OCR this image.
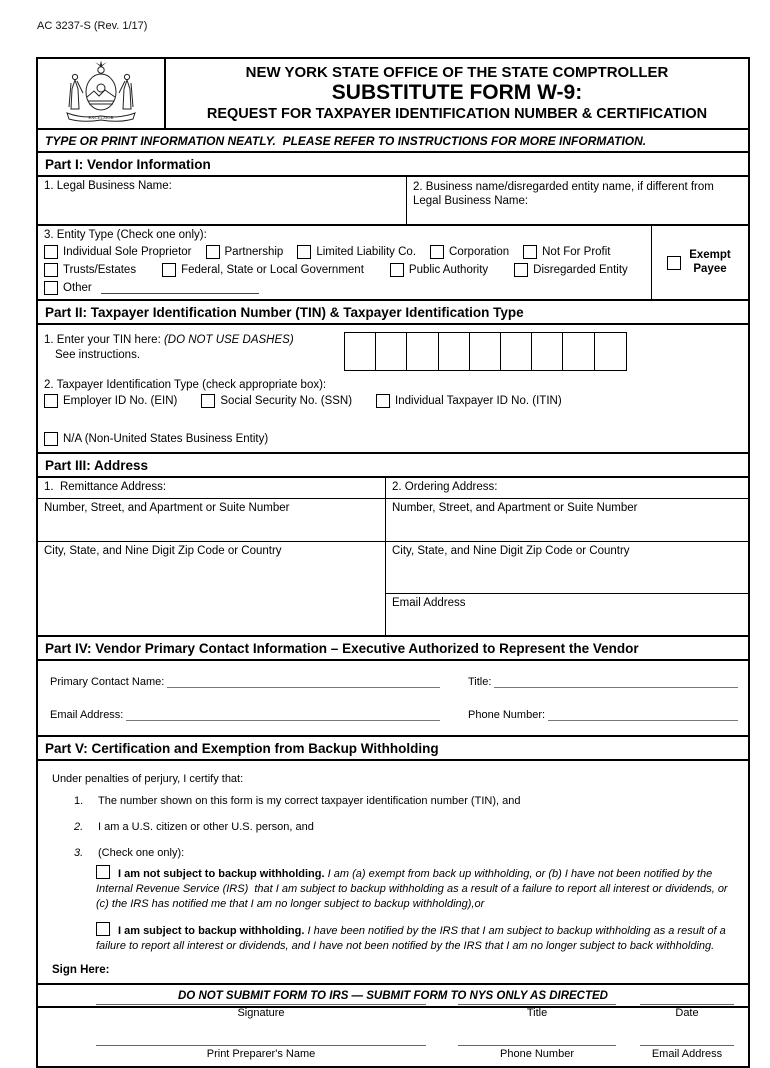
AC 3237-S (Rev. 1/17)
EXCELSIOR
NEW YORK STATE OFFICE OF THE STATE COMPTROLLER
SUBSTITUTE FORM W-9:
REQUEST FOR TAXPAYER IDENTIFICATION NUMBER & CERTIFICATION
TYPE OR PRINT INFORMATION NEATLY.  PLEASE REFER TO INSTRUCTIONS FOR MORE INFORMATION.
Part I: Vendor Information
1. Legal Business Name:	2. Business name/disregarded entity name, if different from Legal Business Name:
3. Entity Type (Check one only):
Individual Sole Proprietor	Partnership	Limited Liability Co.	Corporation	Not For Profit
Trusts/Estates	Federal, State or Local Government	Public Authority	Disregarded Entity
Other
Exempt Payee
Part II: Taxpayer Identification Number (TIN) & Taxpayer Identification Type
1. Enter your TIN here: (DO NOT USE DASHES)
See instructions.
2. Taxpayer Identification Type (check appropriate box):
Employer ID No. (EIN)	Social Security No. (SSN)	Individual Taxpayer ID No. (ITIN)
N/A (Non-United States Business Entity)
Part III: Address
1.  Remittance Address:
Number, Street, and Apartment or Suite Number
City, State, and Nine Digit Zip Code or Country
2. Ordering Address:
Number, Street, and Apartment or Suite Number
City, State, and Nine Digit Zip Code or Country
Email Address
Part IV: Vendor Primary Contact Information – Executive Authorized to Represent the Vendor
Primary Contact Name:	Title:
Email Address:	Phone Number:
Part V: Certification and Exemption from Backup Withholding
Under penalties of perjury, I certify that:
1.	The number shown on this form is my correct taxpayer identification number (TIN), and
2.	I am a U.S. citizen or other U.S. person, and
3.	(Check one only):
I am not subject to backup withholding. I am (a) exempt from back up withholding, or (b) I have not been notified by the Internal Revenue Service (IRS)  that I am subject to backup withholding as a result of a failure to report all interest or dividends, or (c) the IRS has notified me that I am no longer subject to backup withholding),or
I am subject to backup withholding. I have been notified by the IRS that I am subject to backup withholding as a result of a failure to report all interest or dividends, and I have not been notified by the IRS that I am no longer subject to back withholding.
Sign Here:
Signature	Title	Date
Print Preparer's Name	Phone Number	Email Address
DO NOT SUBMIT FORM TO IRS — SUBMIT FORM TO NYS ONLY AS DIRECTED
